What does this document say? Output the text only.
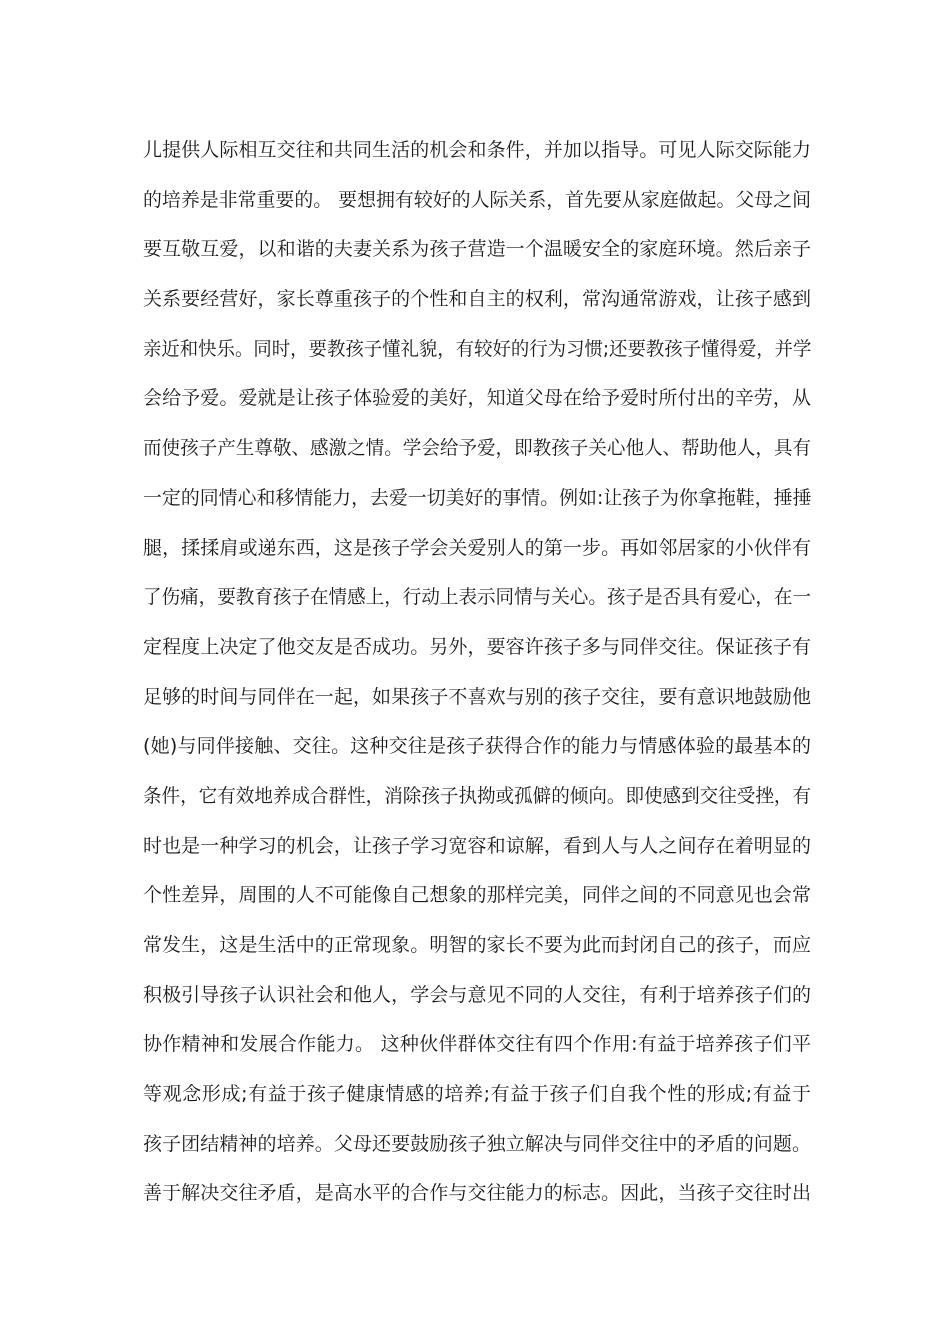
儿提供人际相互交往和共同生活的机会和条件，并加以指导。可见人际交际能力
的培养是非常重要的。 要想拥有较好的人际关系，首先要从家庭做起。父母之间
要互敬互爱，以和谐的夫妻关系为孩子营造一个温暖安全的家庭环境。然后亲子
关系要经营好，家长尊重孩子的个性和自主的权利，常沟通常游戏，让孩子感到
亲近和快乐。同时，要教孩子懂礼貌，有较好的行为习惯;还要教孩子懂得爱，并学
会给予爱。爱就是让孩子体验爱的美好，知道父母在给予爱时所付出的辛劳，从
而使孩子产生尊敬、感激之情。学会给予爱，即教孩子关心他人、帮助他人，具有
一定的同情心和移情能力，去爱一切美好的事情。例如:让孩子为你拿拖鞋，捶捶
腿，揉揉肩或递东西，这是孩子学会关爱别人的第一步。再如邻居家的小伙伴有
了伤痛，要教育孩子在情感上，行动上表示同情与关心。孩子是否具有爱心，在一
定程度上决定了他交友是否成功。另外，要容许孩子多与同伴交往。保证孩子有
足够的时间与同伴在一起，如果孩子不喜欢与别的孩子交往，要有意识地鼓励他
(她)与同伴接触、交往。这种交往是孩子获得合作的能力与情感体验的最基本的
条件，它有效地养成合群性，消除孩子执拗或孤僻的倾向。即使感到交往受挫，有
时也是一种学习的机会，让孩子学习宽容和谅解，看到人与人之间存在着明显的
个性差异，周围的人不可能像自己想象的那样完美，同伴之间的不同意见也会常
常发生，这是生活中的正常现象。明智的家长不要为此而封闭自己的孩子，而应
积极引导孩子认识社会和他人，学会与意见不同的人交往，有利于培养孩子们的
协作精神和发展合作能力。 这种伙伴群体交往有四个作用:有益于培养孩子们平
等观念形成;有益于孩子健康情感的培养;有益于孩子们自我个性的形成;有益于
孩子团结精神的培养。父母还要鼓励孩子独立解决与同伴交往中的矛盾的问题。
善于解决交往矛盾，是高水平的合作与交往能力的标志。因此，当孩子交往时出
